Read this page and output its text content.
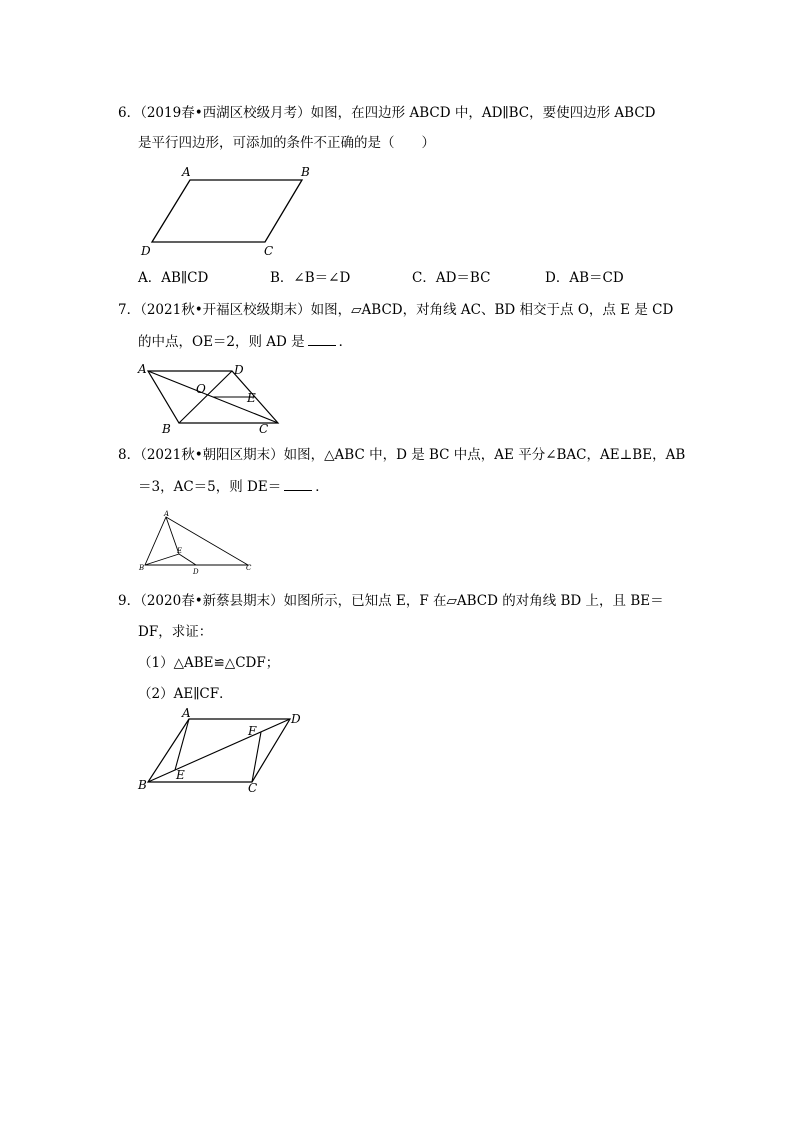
6．（2019春•西湖区校级月考）如图，在四边形 ABCD 中，AD∥BC，要使四边形 ABCD
是平行四边形，可添加的条件不正确的是（　　）
A	B
C
D
A．AB∥CD	B．∠B＝∠D	C．AD＝BC	D．AB＝CD
7．（2021秋•开福区校级期末）如图，▱ABCD，对角线 AC、BD 相交于点 O，点 E 是 CD
的中点，OE＝2，则 AD 是	．
A	D
O
E
B	C
8．（2021秋•朝阳区期末）如图，△ABC 中，D 是 BC 中点，AE 平分∠BAC，AE⊥BE，AB
＝3，AC＝5，则 DE＝	．
A
E
B	D	C
9．（2020春•新蔡县期末）如图所示，已知点 E，F 在▱ABCD 的对角线 BD 上，且 BE＝
DF，求证：
（1）△ABE≌△CDF；
（2）AE∥CF．
A	D
F
E
B	C
